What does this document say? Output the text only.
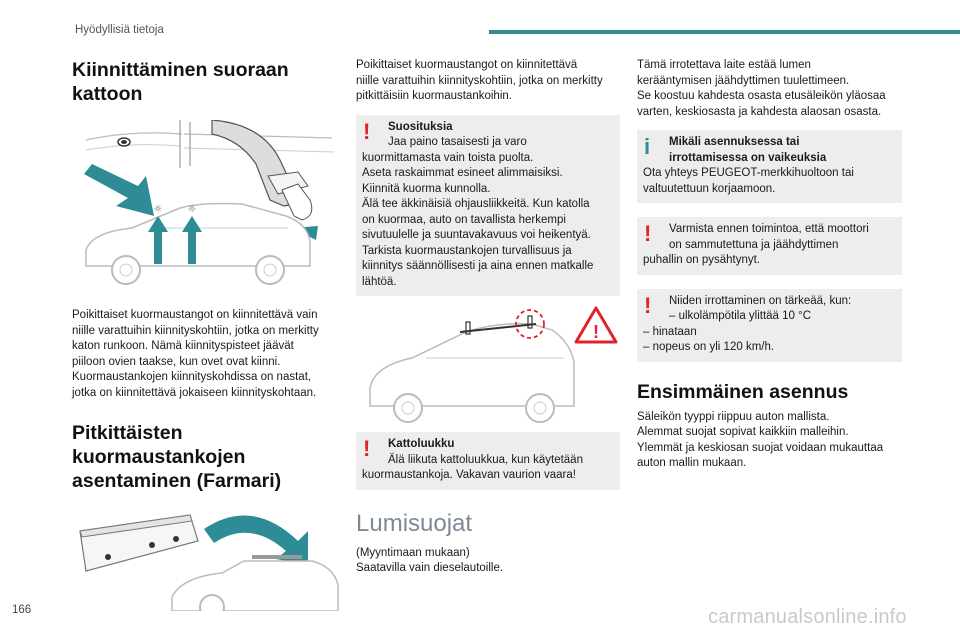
Hyödyllisiä tietoja
Kiinnittäminen suoraan
kattoon
☼	☼

Poikittaiset kuormaustangot on kiinnitettävä vain
niille varattuihin kiinnityskohtiin, jotka on merkitty
katon runkoon. Nämä kiinnityspisteet jäävät
piiloon ovien taakse, kun ovet ovat kiinni.
Kuormaustankojen kiinnityskohdissa on nastat,
jotka on kiinnitettävä jokaiseen kiinnityskohtaan.

Pitkittäisten
kuormaustankojen
asentaminen (Farmari)

Poikittaiset kuormaustangot on kiinnitettävä
niille varattuihin kiinnityskohtiin, jotka on merkitty
pitkittäisiin kuormaustankoihin.

!	Suosituksia
Jaa paino tasaisesti ja varo
kuormittamasta vain toista puolta.
Aseta raskaimmat esineet alimmaisiksi.
Kiinnitä kuorma kunnolla.
Älä tee äkkinäisiä ohjausliikkeitä. Kun katolla
on kuormaa, auto on tavallista herkempi
sivutuulelle ja suuntavakavuus voi heikentyä.
Tarkista kuormaustankojen turvallisuus ja
kiinnitys säännöllisesti ja aina ennen matkalle
lähtöä.
!
!	Kattoluukku
Älä liikuta kattoluukkua, kun käytetään
kuormaustankoja. Vakavan vaurion vaara!
Lumisuojat

(Myyntimaan mukaan)
Saatavilla vain dieselautoille.

Tämä irrotettava laite estää lumen
kerääntymisen jäähdyttimen tuulettimeen.
Se koostuu kahdesta osasta etusäleikön yläosaa
varten, keskiosasta ja kahdesta alaosan osasta.

i	Mikäli asennuksessa tai
irrottamisessa on vaikeuksia
Ota yhteys PEUGEOT-merkkihuoltoon tai
valtuutettuun korjaamoon.
!	Varmista ennen toimintoa, että moottori
on sammutettuna ja jäähdyttimen
puhallin on pysähtynyt.
!	Niiden irrottaminen on tärkeää, kun:
– ulkolämpötila ylittää 10 °C
– hinataan
– nopeus on yli 120 km/h.
Ensimmäinen asennus

Säleikön tyyppi riippuu auton mallista.
Alemmat suojat sopivat kaikkiin malleihin.
Ylemmät ja keskiosan suojat voidaan mukauttaa
auton mallin mukaan.

166	carmanualsonline.info
